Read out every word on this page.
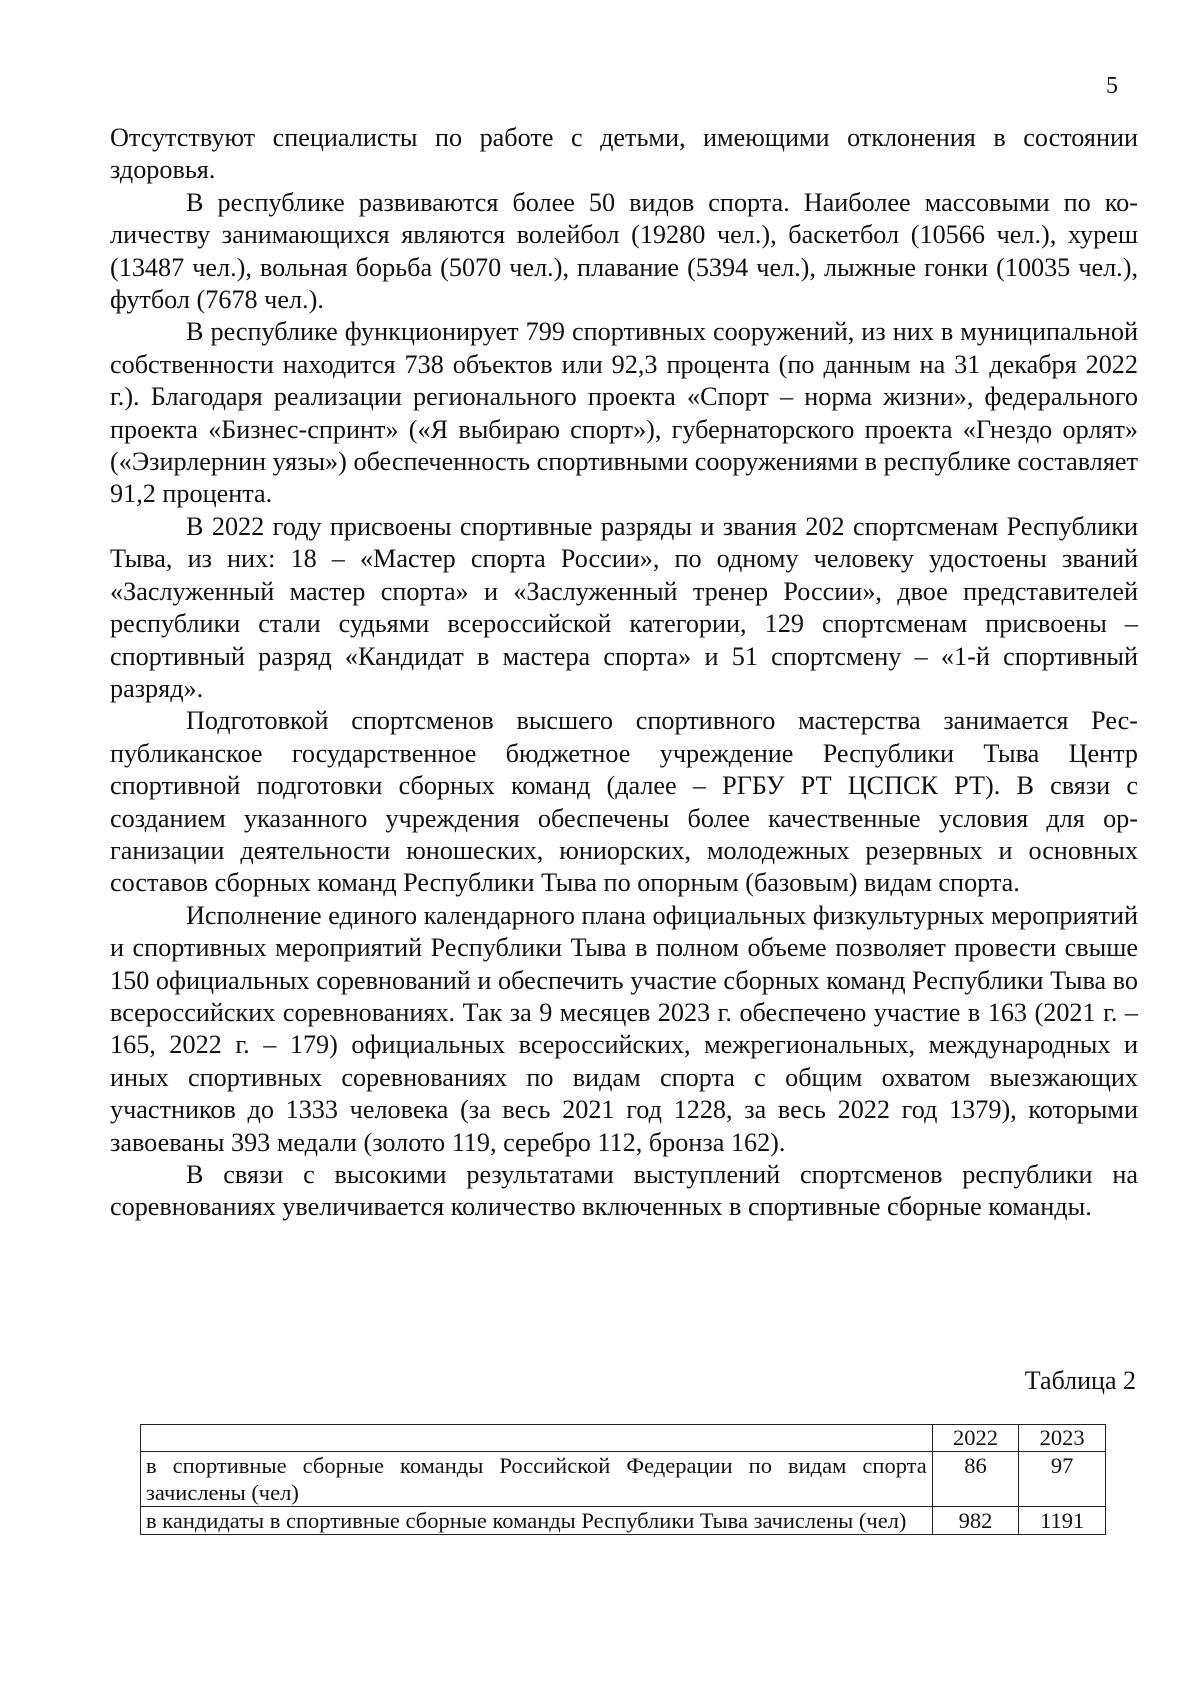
5

Отсутствуют специалисты по работе с детьми, имеющими отклонения в состоянии здоровья.

В республике развиваются более 50 видов спорта. Наиболее массовыми по количеству занимающихся являются волейбол (19280 чел.), баскетбол (10566 чел.), хуреш (13487 чел.), вольная борьба (5070 чел.), плавание (5394 чел.), лыжные гонки (10035 чел.), футбол (7678 чел.).

В республике функционирует 799 спортивных сооружений, из них в муниципальной собственности находится 738 объектов или 92,3 процента (по данным на 31 декабря 2022 г.). Благодаря реализации регионального проекта «Спорт – норма жизни», федерального проекта «Бизнес-спринт» («Я выбираю спорт»), губернаторского проекта «Гнездо орлят» («Эзирлернин уязы») обеспеченность спортивными сооружениями в республике составляет 91,2 процента.

В 2022 году присвоены спортивные разряды и звания 202 спортсменам Республики Тыва, из них: 18 – «Мастер спорта России», по одному человеку удостоены званий «Заслуженный мастер спорта» и «Заслуженный тренер России», двое представителей республики стали судьями всероссийской категории, 129 спортсменам присвоены – спортивный разряд «Кандидат в мастера спорта» и 51 спортсмену – «1-й спортивный разряд».

Подготовкой спортсменов высшего спортивного мастерства занимается Республиканское государственное бюджетное учреждение Республики Тыва Центр спортивной подготовки сборных команд (далее – РГБУ РТ ЦСПСК РТ). В связи с созданием указанного учреждения обеспечены более качественные условия для организации деятельности юношеских, юниорских, молодежных резервных и основных составов сборных команд Республики Тыва по опорным (базовым) видам спорта.

Исполнение единого календарного плана официальных физкультурных мероприятий и спортивных мероприятий Республики Тыва в полном объеме позволяет провести свыше 150 официальных соревнований и обеспечить участие сборных команд Республики Тыва во всероссийских соревнованиях. Так за 9 месяцев 2023 г. обеспечено участие в 163 (2021 г. – 165, 2022 г. – 179) официальных всероссийских, межрегиональных, международных и иных спортивных соревнованиях по видам спорта с общим охватом выезжающих участников до 1333 человека (за весь 2021 год 1228, за весь 2022 год 1379), которыми завоеваны 393 медали (золото 119, серебро 112, бронза 162).

В связи с высокими результатами выступлений спортсменов республики на соревнованиях увеличивается количество включенных в спортивные сборные команды.

Таблица 2
	2022	2023
в спортивные сборные команды Российской Федерации по видам спорта зачислены (чел)	86	97
в кандидаты в спортивные сборные команды Республики Тыва зачислены (чел)	982	1191
